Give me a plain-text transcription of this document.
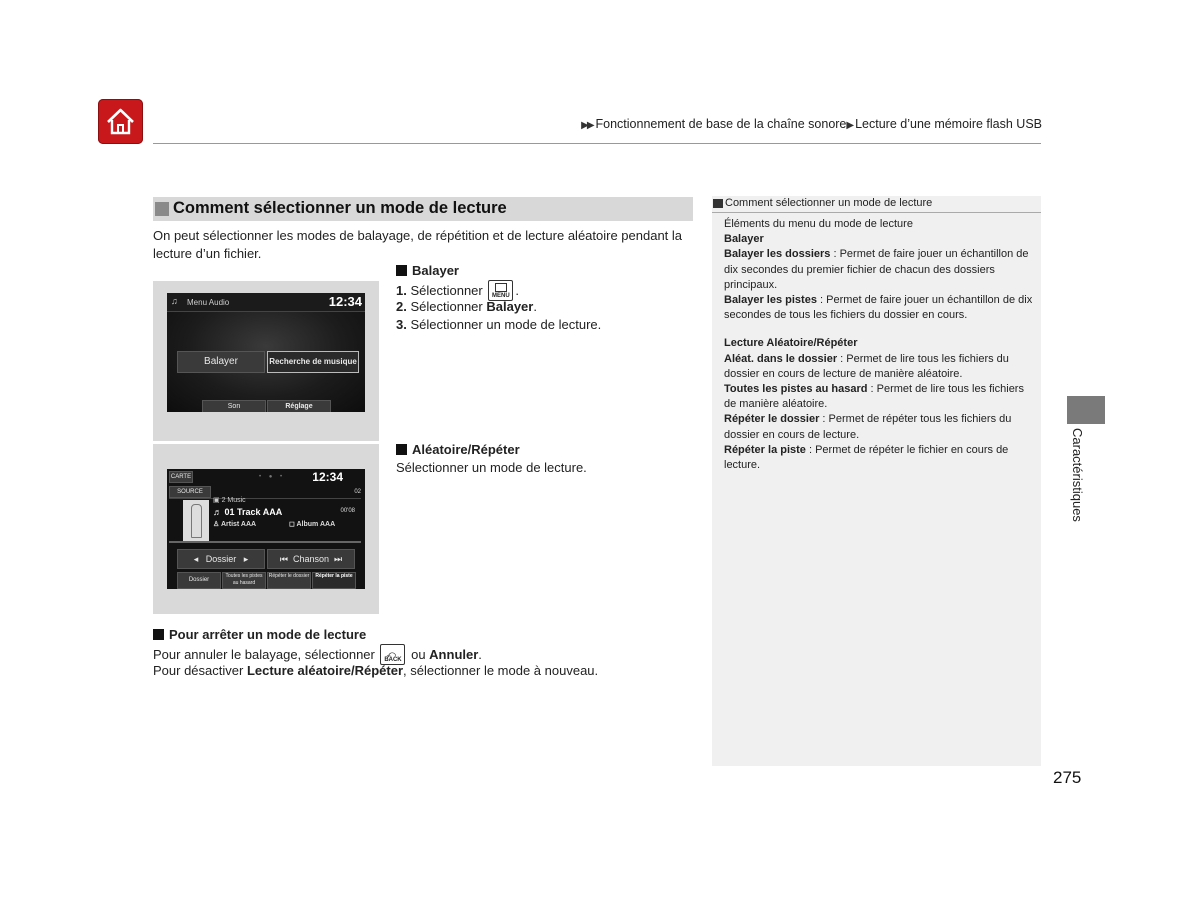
▶▶ Fonctionnement de base de la chaîne sonore▶ Lecture d’une mémoire flash USB
Comment sélectionner un mode de lecture
On peut sélectionner les modes de balayage, de répétition et de lecture aléatoire pendant la lecture d’un fichier.
♫ Menu Audio	12:34
Balayer	Recherche de musique
Son	Réglage
Balayer
1. Sélectionner	MENU .
2. Sélectionner Balayer.
3. Sélectionner un mode de lecture.
CARTE
SOURCE
• ● • 12:34
▣ 2 Music
♬ 01 Track AAA
♙ Artist AAA	◻ Album AAA
00'08
02
◂   Dossier   ▸	⏮  Chanson  ⏭
Dossier
Toutes les pistes au hasard
Répéter le dossier	Répéter la piste
Aléatoire/Répéter
Sélectionner un mode de lecture.
Pour arrêter un mode de lecture
Pour annuler le balayage, sélectionner ⤺
BACK ou Annuler.
Pour désactiver Lecture aléatoire/Répéter, sélectionner le mode à nouveau.
Comment sélectionner un mode de lecture

Éléments du menu du mode de lecture

Balayer

Balayer les dossiers : Permet de faire jouer un échantillon de dix secondes du premier fichier de chacun des dossiers principaux.

Balayer les pistes : Permet de faire jouer un échantillon de dix secondes de tous les fichiers du dossier en cours.

Lecture Aléatoire/Répéter

Aléat. dans le dossier : Permet de lire tous les fichiers du dossier en cours de lecture de manière aléatoire.

Toutes les pistes au hasard : Permet de lire tous les fichiers de manière aléatoire.

Répéter le dossier : Permet de répéter tous les fichiers du dossier en cours de lecture.

Répéter la piste : Permet de répéter le fichier en cours de lecture.	Caractéristiques
275
